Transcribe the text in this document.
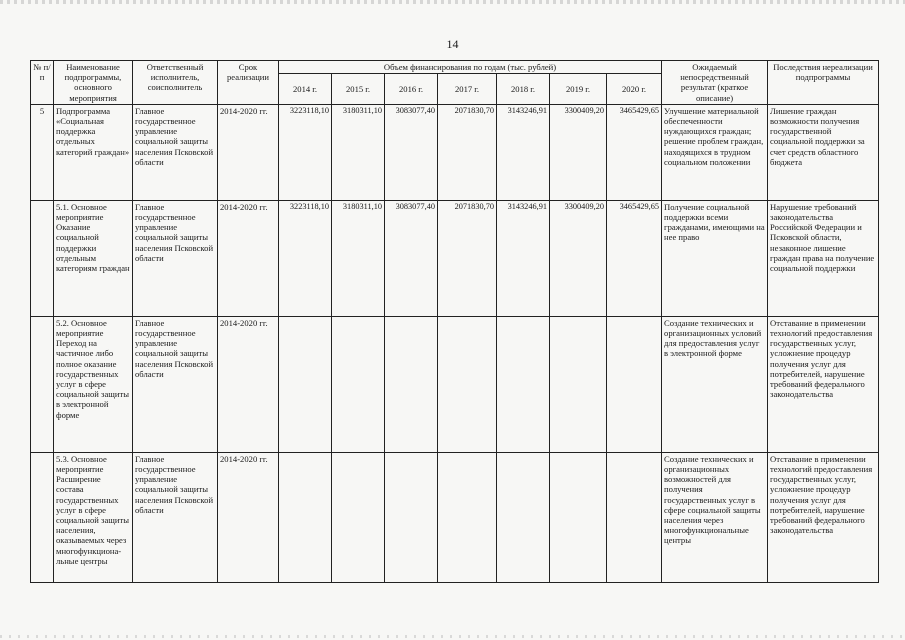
14
№ п/п	Наименование подпрограммы, основного мероприятия	Ответственный исполнитель, соисполнитель	Срок реализации	Объем финансирования по годам (тыс. рублей)							Ожидаемый непосредственный результат (краткое описание)	Последствия нереализации подпрограммы
				2014 г.	2015 г.	2016 г.	2017 г.	2018 г.	2019 г.	2020 г.		
5	Подпрограмма «Социальная поддержка отдельных категорий граждан»	Главное государственное управление социальной защиты населения Псковской области	2014-2020 гг.	3223118,10	3180311,10	3083077,40	2071830,70	3143246,91	3300409,20	3465429,65	Улучшение материальной обеспеченности нуждающихся граждан; решение проблем граждан, находящихся в трудном социальном положении	Лишение граждан возможности получения государственной социальной поддержки за счет средств областного бюджета
	5.1. Основное мероприятие Оказание социальной поддержки отдельным категориям граждан	Главное государственное управление социальной защиты населения Псковской области	2014-2020 гг.	3223118,10	3180311,10	3083077,40	2071830,70	3143246,91	3300409,20	3465429,65	Получение социальной поддержки всеми гражданами, имеющими на нее право	Нарушение требований законодательства Российской Федерации и Псковской области, незаконное лишение граждан права на получение социальной поддержки
	5.2. Основное мероприятие Переход на частичное либо полное оказание государственных услуг в сфере социальной защиты в электронной форме	Главное государственное управление социальной защиты населения Псковской области	2014-2020 гг.								Создание технических и организационных условий для предоставления услуг в электронной форме	Отставание в применении технологий предоставления государственных услуг, усложнение процедур получения услуг для потребителей, нарушение требований федерального законодательства
	5.3. Основное мероприятие Расширение состава государственных услуг в сфере социальной защиты населения, оказываемых через многофункциона-льные центры	Главное государственное управление социальной защиты населения Псковской области	2014-2020 гг.								Создание технических и организационных возможностей для получения государственных услуг в сфере социальной защиты населения через многофункциональные центры	Отставание в применении технологий предоставления государственных услуг, усложнение процедур получения услуг для потребителей, нарушение требований федерального законодательства
